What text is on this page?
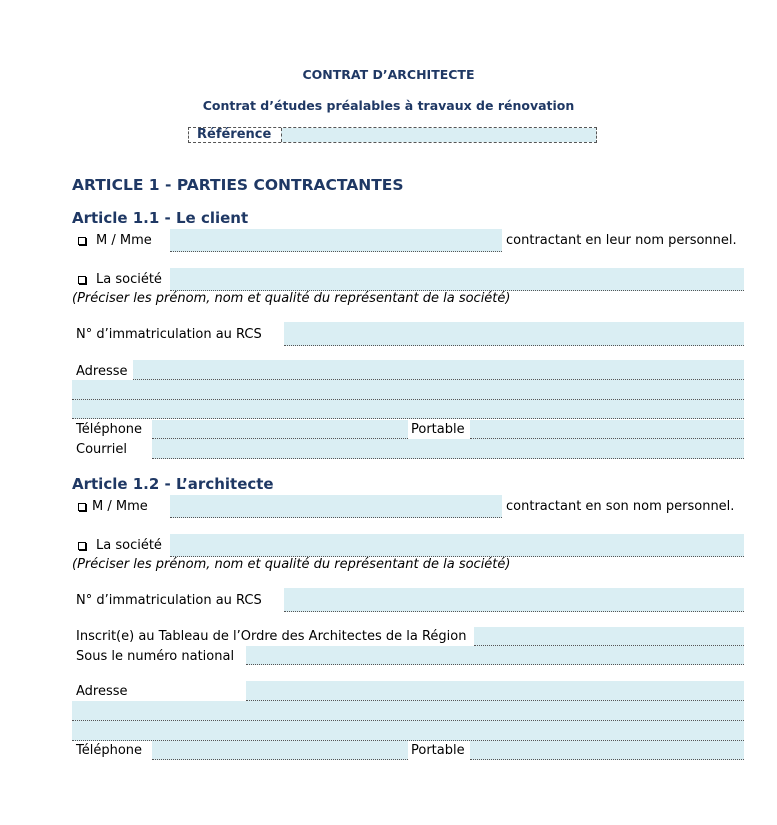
CONTRAT D’ARCHITECTE
Contrat d’études préalables à travaux de rénovation
Référence
ARTICLE 1 - PARTIES CONTRACTANTES
Article 1.1 - Le client
M / Mme	contractant en leur nom personnel.
La société
(Préciser les prénom, nom et qualité du représentant de la société)
N° d’immatriculation au RCS
Adresse
Téléphone	Portable
Courriel
Article 1.2 - L’architecte
M / Mme	contractant en son nom personnel.
La société
(Préciser les prénom, nom et qualité du représentant de la société)
N° d’immatriculation au RCS
Inscrit(e) au Tableau de l’Ordre des Architectes de la Région
Sous le numéro national
Adresse
Téléphone	Portable
